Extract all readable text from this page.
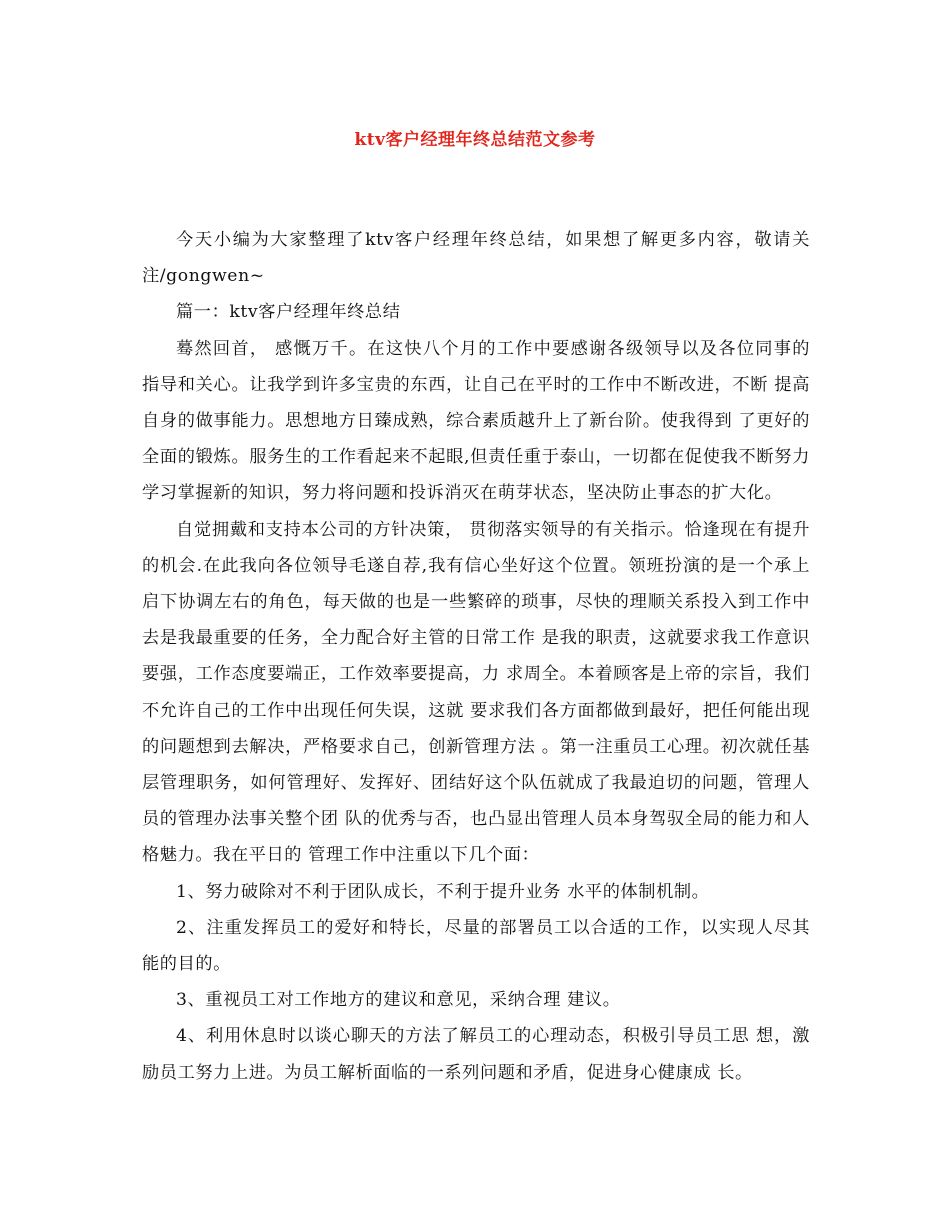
ktv客户经理年终总结范文参考

今天小编为大家整理了ktv客户经理年终总结，如果想了解更多内容，敬请关注/gongwen~

篇一：ktv客户经理年终总结

蓦然回首， 感慨万千。在这快八个月的工作中要感谢各级领导以及各位同事的 指导和关心。让我学到许多宝贵的东西，让自己在平时的工作中不断改进，不断 提高自身的做事能力。思想地方日臻成熟，综合素质越升上了新台阶。使我得到 了更好的全面的锻炼。服务生的工作看起来不起眼,但责任重于泰山，一切都在促使我不断努力学习掌握新的知识，努力将问题和投诉消灭在萌芽状态，坚决防止事态的扩大化。

自觉拥戴和支持本公司的方针决策， 贯彻落实领导的有关指示。恰逢现在有提升的机会.在此我向各位领导毛遂自荐,我有信心坐好这个位置。领班扮演的是一个承上启下协调左右的角色，每天做的也是一些繁碎的琐事，尽快的理顺关系投入到工作中去是我最重要的任务，全力配合好主管的日常工作 是我的职责，这就要求我工作意识要强，工作态度要端正，工作效率要提高，力 求周全。本着顾客是上帝的宗旨，我们不允许自己的工作中出现任何失误，这就 要求我们各方面都做到最好，把任何能出现的问题想到去解决，严格要求自己，创新管理方法 。第一注重员工心理。初次就任基层管理职务，如何管理好、发挥好、团结好这个队伍就成了我最迫切的问题，管理人员的管理办法事关整个团 队的优秀与否，也凸显出管理人员本身驾驭全局的能力和人格魅力。我在平日的 管理工作中注重以下几个面：

1、努力破除对不利于团队成长，不利于提升业务 水平的体制机制。

2、注重发挥员工的爱好和特长，尽量的部署员工以合适的工作，以实现人尽其能的目的。

3、重视员工对工作地方的建议和意见，采纳合理 建议。

4、利用休息时以谈心聊天的方法了解员工的心理动态，积极引导员工思 想，激励员工努力上进。为员工解析面临的一系列问题和矛盾，促进身心健康成 长。
